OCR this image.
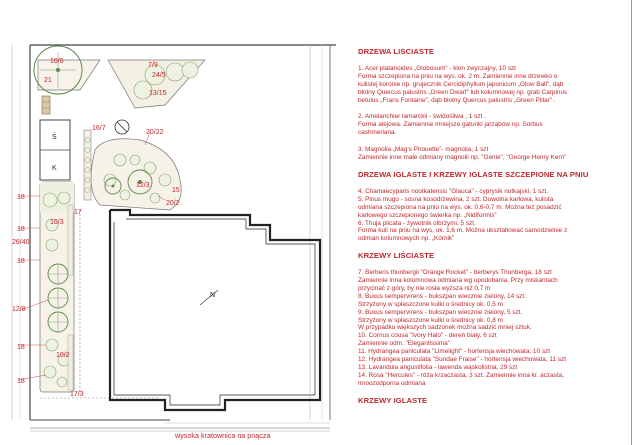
Ś
K
N
wysoka kratownica na pnącza
16/6
21
7/9
24/5
13/15
16/7
20/22
12/3
15
20/2
18
18
26/40
18
10/3
17
12/8
18
10/2
18
17/3
DRZEWA LIŚCIASTE
1. Acer platanoides „Globosum” - klon zwyczajny, 10 szt
Forma szczepiona na pniu na wys. ok. 2 m. Zamiennie inne drzewko o
kulistej koronie np. grujecznik Cercidiphyllum japonicum „Glow Ball”, dąb
błotny Quercus palustris „Green Dwarf” lub kolumnowej np. grab Carpinus
betulus „Frans Fontaine”, dąb błotny Quercus palustris „Green Pillar” .
2. Amelanchier lamarckii - świdośliwa , 1 szt .
Forma alejowa. Zamiennie mniejsze gatunki jarząbów np. Sorbus
cashmeriana.
3. Magnolia „Mag’s Pirouette”- magnolia, 1 szt
Zamiennie inne małe odmiany magnolii np. "Genie", "George Henry Kern"
DRZEWA IGLASTE I KRZEWY IGLASTE SZCZEPIONE NA PNIU
4. Chamaecyparis nootkatensis "Glauca" - cyprysik nutkajski, 1 szt.
5. Pinus mugo - sosna kosodrzewina, 2 szt. Dowolna karłowa, kulista
odmiana szczepiona na pniu na wys. ok. 0,6-0,7 m. Można też posadzić
karłowego szczepionego świerka np. „Nidiformis”
6. Thuja plicata - żywotnik olbrzymi, 5 szt.
Forma kuli na pniu na wys. ok. 1,6 m. Można ukształtować samodzielnie z
odmian kolumnowych np. „Kórnik”
KRZEWY LIŚCIASTE
7. Berberis thunbergii "Orange Rocket" - berberys Thunberga, 18 szt
Zamiennie inna kolumnowa odmiana wg upodobania. Przy miskantach
przycinać z góry, by nie rosła wyższa niż 0,7 m
8. Buxus sempervirens - bukszpan wiecznie zielony, 14 szt.
Strzyżony w spłaszczone kulki o średnicy ok. 0,5 m
9. Buxus sempervirens - bukszpan wiecznie zielony, 5 szt.
Strzyżony w spłaszczone kulki o średnicy ok. 0,8 m
W przypadku większych sadzonek można sadzić mniej sztuk.
10. Cornus cousa "Ivory Halo" - dereń biały, 6 szt
Zamiennie odm. "Elegantissima"
11. Hydrangea paniculata "Limelight" - hortensja wiechowata, 10 szt
12. Hydrangea paniculata "Sundae Fraise" - hortensja wiechowata, 11 szt
13. Lavandula angustifolia - lawenda wąskolistna, 29 szt
14. Rosa "Hercules" - róża krzaczasta, 3 szt. Zamiennie inna kr. aczasta,
mroozodporna odmiana
KRZEWY IGLASTE
